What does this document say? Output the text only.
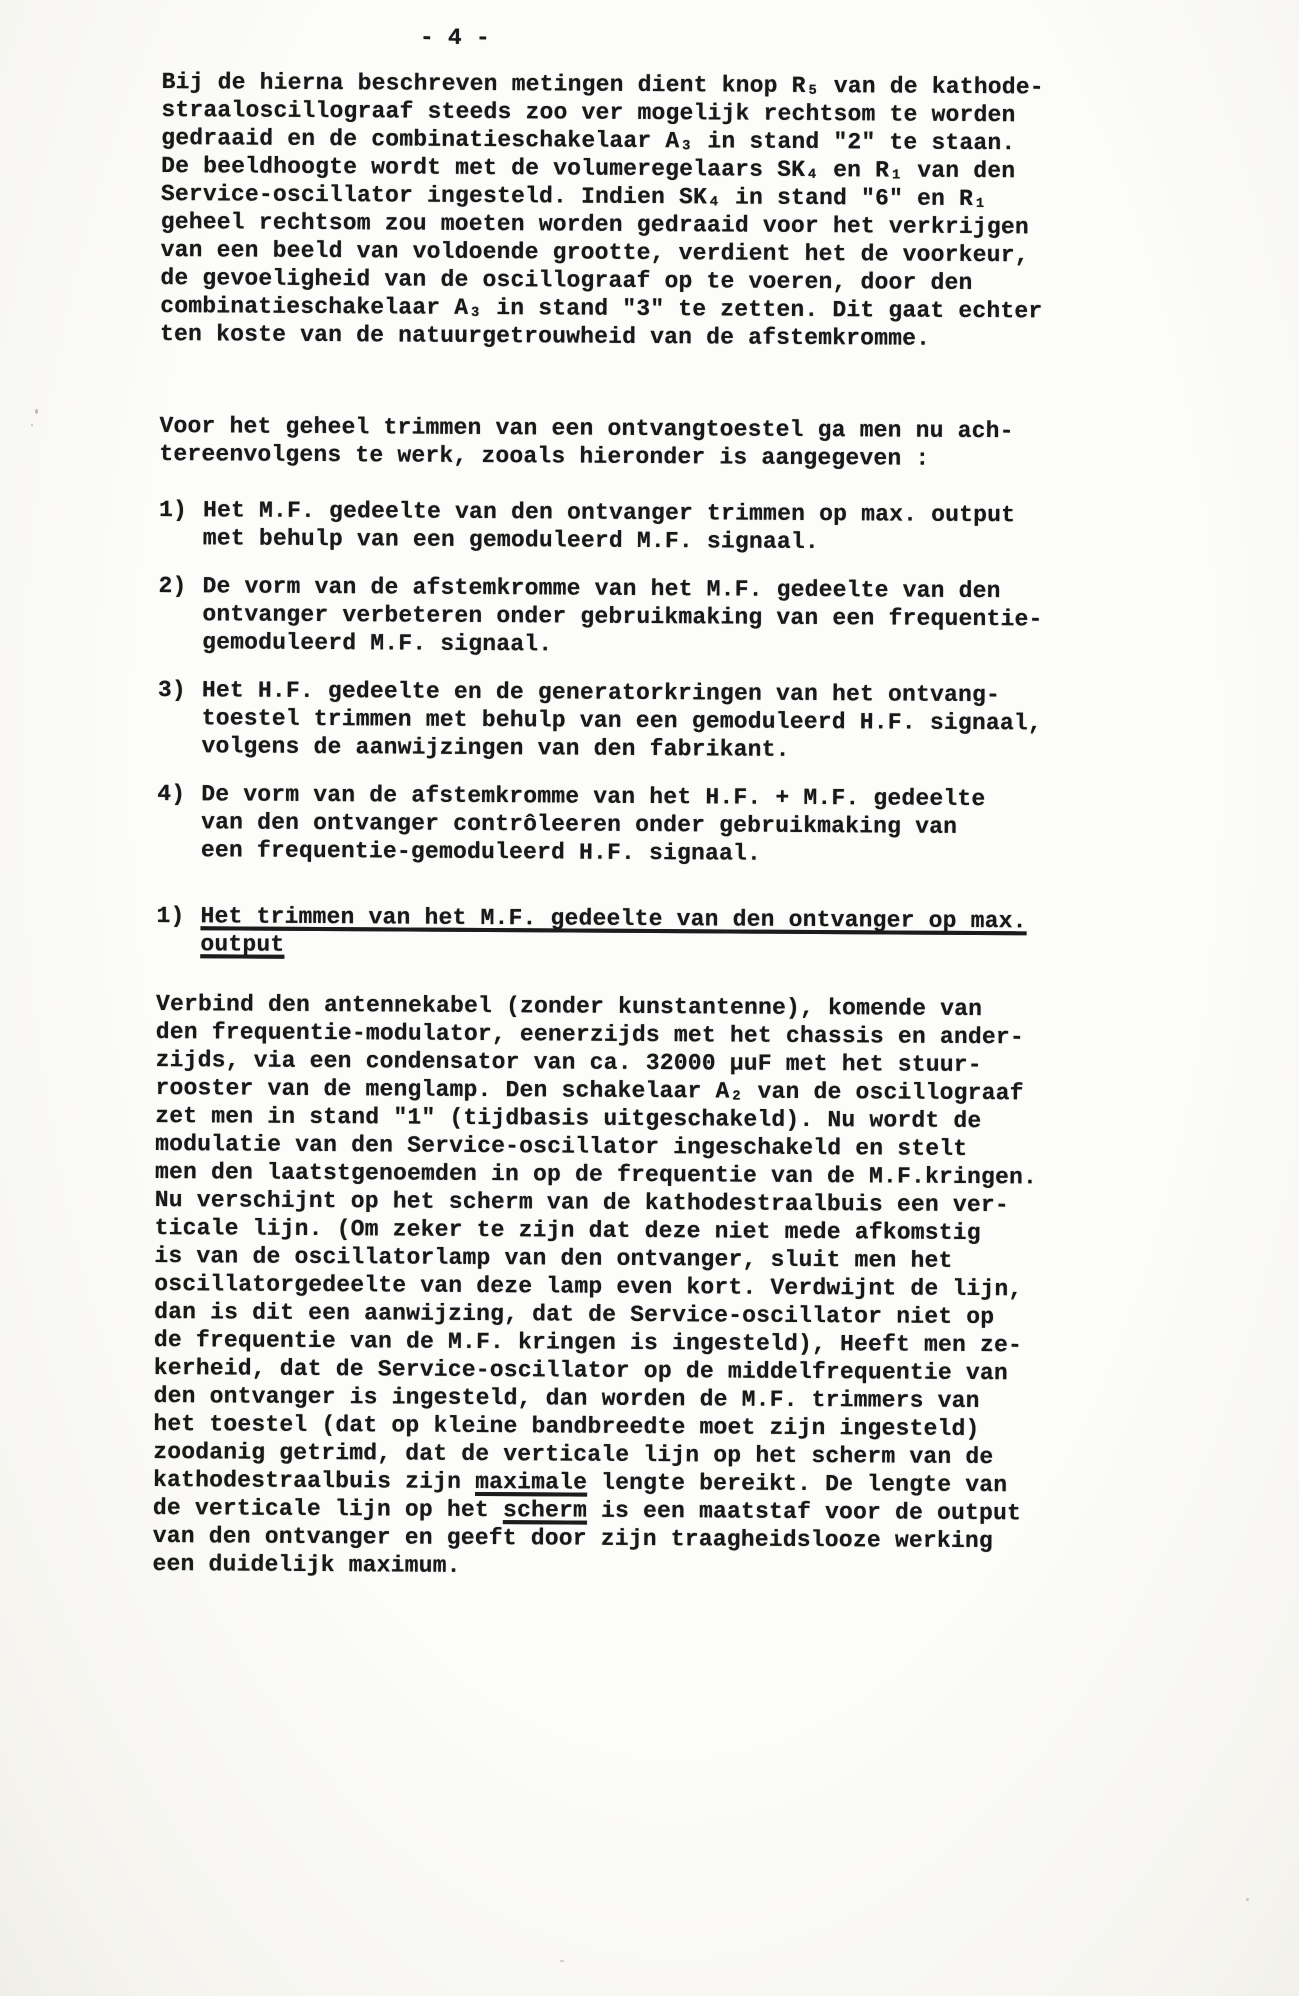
- 4 -

Bij de hierna beschreven metingen dient knop R₅ van de kathode-
straaloscillograaf steeds zoo ver mogelijk rechtsom te worden
gedraaid en de combinatieschakelaar A₃ in stand "2" te staan.
De beeldhoogte wordt met de volumeregelaars SK₄ en R₁ van den
Service-oscillator ingesteld. Indien SK₄ in stand "6" en R₁
geheel rechtsom zou moeten worden gedraaid voor het verkrijgen
van een beeld van voldoende grootte, verdient het de voorkeur,
de gevoeligheid van de oscillograaf op te voeren, door den
combinatieschakelaar A₃ in stand "3" te zetten. Dit gaat echter
ten koste van de natuurgetrouwheid van de afstemkromme.

Voor het geheel trimmen van een ontvangtoestel ga men nu ach-
tereenvolgens te werk, zooals hieronder is aangegeven :

1) Het M.F. gedeelte van den ontvanger trimmen op max. output
met behulp van een gemoduleerd M.F. signaal.
2) De vorm van de afstemkromme van het M.F. gedeelte van den
ontvanger verbeteren onder gebruikmaking van een frequentie-
gemoduleerd M.F. signaal.
3) Het H.F. gedeelte en de generatorkringen van het ontvang-
toestel trimmen met behulp van een gemoduleerd H.F. signaal,
volgens de aanwijzingen van den fabrikant.
4) De vorm van de afstemkromme van het H.F. + M.F. gedeelte
van den ontvanger contrôleeren onder gebruikmaking van
een frequentie-gemoduleerd H.F. signaal.
1) Het trimmen van het M.F. gedeelte van den ontvanger op max.
output

Verbind den antennekabel (zonder kunstantenne), komende van
den frequentie-modulator, eenerzijds met het chassis en ander-
zijds, via een condensator van ca. 32000 μuF met het stuur-
rooster van de menglamp. Den schakelaar A₂ van de oscillograaf
zet men in stand "1" (tijdbasis uitgeschakeld). Nu wordt de
modulatie van den Service-oscillator ingeschakeld en stelt
men den laatstgenoemden in op de frequentie van de M.F.kringen.
Nu verschijnt op het scherm van de kathodestraalbuis een ver-
ticale lijn. (Om zeker te zijn dat deze niet mede afkomstig
is van de oscillatorlamp van den ontvanger, sluit men het
oscillatorgedeelte van deze lamp even kort. Verdwijnt de lijn,
dan is dit een aanwijzing, dat de Service-oscillator niet op
de frequentie van de M.F. kringen is ingesteld), Heeft men ze-
kerheid, dat de Service-oscillator op de middelfrequentie van
den ontvanger is ingesteld, dan worden de M.F. trimmers van
het toestel (dat op kleine bandbreedte moet zijn ingesteld)
zoodanig getrimd, dat de verticale lijn op het scherm van de
kathodestraalbuis zijn maximale lengte bereikt. De lengte van
de verticale lijn op het scherm is een maatstaf voor de output
van den ontvanger en geeft door zijn traagheidslooze werking
een duidelijk maximum.
